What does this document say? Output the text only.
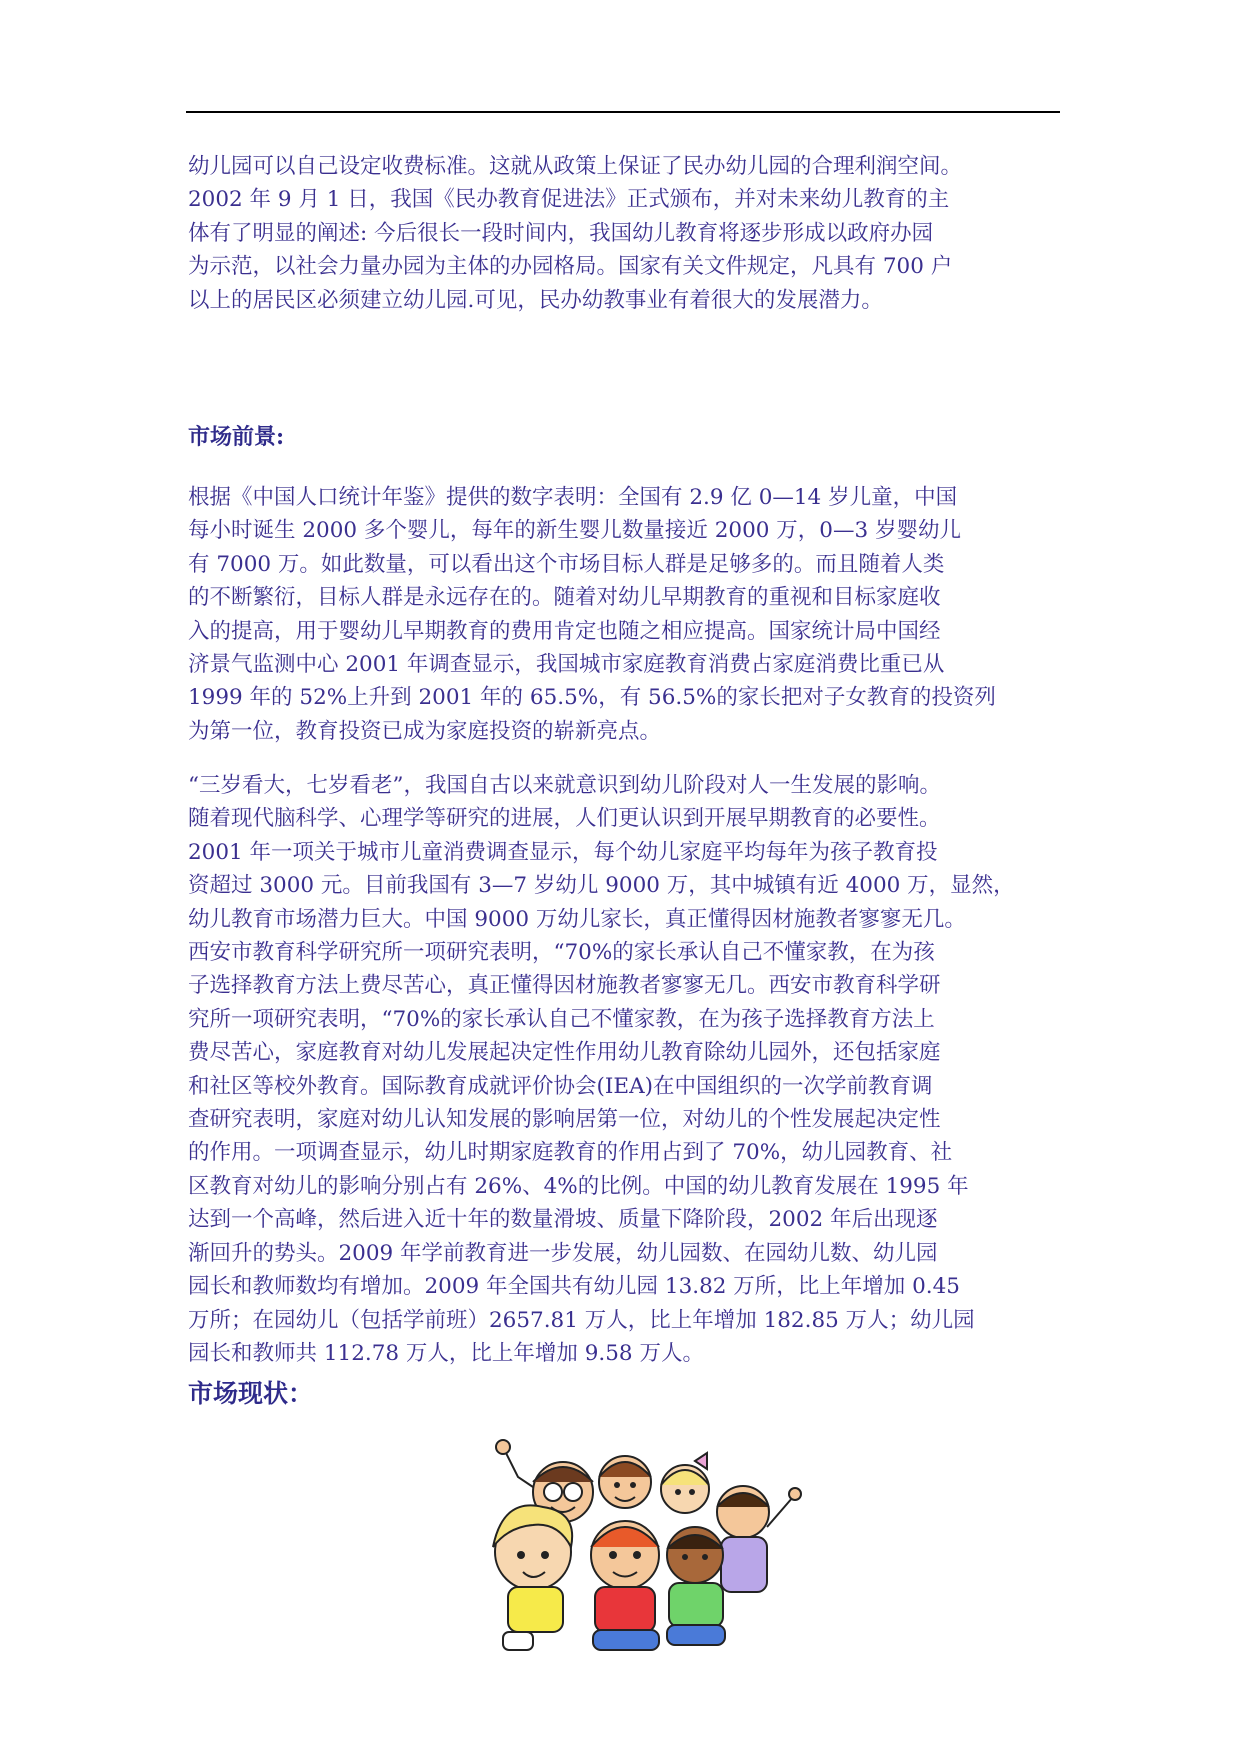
幼儿园可以自己设定收费标准。这就从政策上保证了民办幼儿园的合理利润空间。

2002 年 9 月 1 日，我国《民办教育促进法》正式颁布，并对未来幼儿教育的主

体有了明显的阐述: 今后很长一段时间内，我国幼儿教育将逐步形成以政府办园

为示范，以社会力量办园为主体的办园格局。国家有关文件规定，凡具有 700 户

以上的居民区必须建立幼儿园.可见，民办幼教事业有着很大的发展潜力。

市场前景:

根据《中国人口统计年鉴》提供的数字表明：全国有 2.9 亿 0—14 岁儿童，中国

每小时诞生 2000 多个婴儿，每年的新生婴儿数量接近 2000 万，0—3 岁婴幼儿

有 7000 万。如此数量，可以看出这个市场目标人群是足够多的。而且随着人类

的不断繁衍，目标人群是永远存在的。随着对幼儿早期教育的重视和目标家庭收

入的提高，用于婴幼儿早期教育的费用肯定也随之相应提高。国家统计局中国经

济景气监测中心 2001 年调查显示，我国城市家庭教育消费占家庭消费比重已从

1999 年的 52%上升到 2001 年的 65.5%，有 56.5%的家长把对子女教育的投资列

为第一位，教育投资已成为家庭投资的崭新亮点。

“三岁看大，七岁看老”，我国自古以来就意识到幼儿阶段对人一生发展的影响。

随着现代脑科学、心理学等研究的进展，人们更认识到开展早期教育的必要性。

2001 年一项关于城市儿童消费调查显示，每个幼儿家庭平均每年为孩子教育投

资超过 3000 元。目前我国有 3—7 岁幼儿 9000 万，其中城镇有近 4000 万，显然，

幼儿教育市场潜力巨大。中国 9000 万幼儿家长，真正懂得因材施教者寥寥无几。

西安市教育科学研究所一项研究表明，“70%的家长承认自己不懂家教，在为孩

子选择教育方法上费尽苦心，真正懂得因材施教者寥寥无几。西安市教育科学研

究所一项研究表明，“70%的家长承认自己不懂家教，在为孩子选择教育方法上

费尽苦心，家庭教育对幼儿发展起决定性作用幼儿教育除幼儿园外，还包括家庭

和社区等校外教育。国际教育成就评价协会(IEA)在中国组织的一次学前教育调

查研究表明，家庭对幼儿认知发展的影响居第一位，对幼儿的个性发展起决定性

的作用。一项调查显示，幼儿时期家庭教育的作用占到了 70%，幼儿园教育、社

区教育对幼儿的影响分别占有 26%、4%的比例。中国的幼儿教育发展在 1995 年

达到一个高峰，然后进入近十年的数量滑坡、质量下降阶段，2002 年后出现逐

渐回升的势头。2009 年学前教育进一步发展，幼儿园数、在园幼儿数、幼儿园

园长和教师数均有增加。2009 年全国共有幼儿园 13.82 万所，比上年增加 0.45

万所；在园幼儿（包括学前班）2657.81 万人，比上年增加 182.85 万人；幼儿园

园长和教师共 112.78 万人，比上年增加 9.58 万人。

市场现状：
